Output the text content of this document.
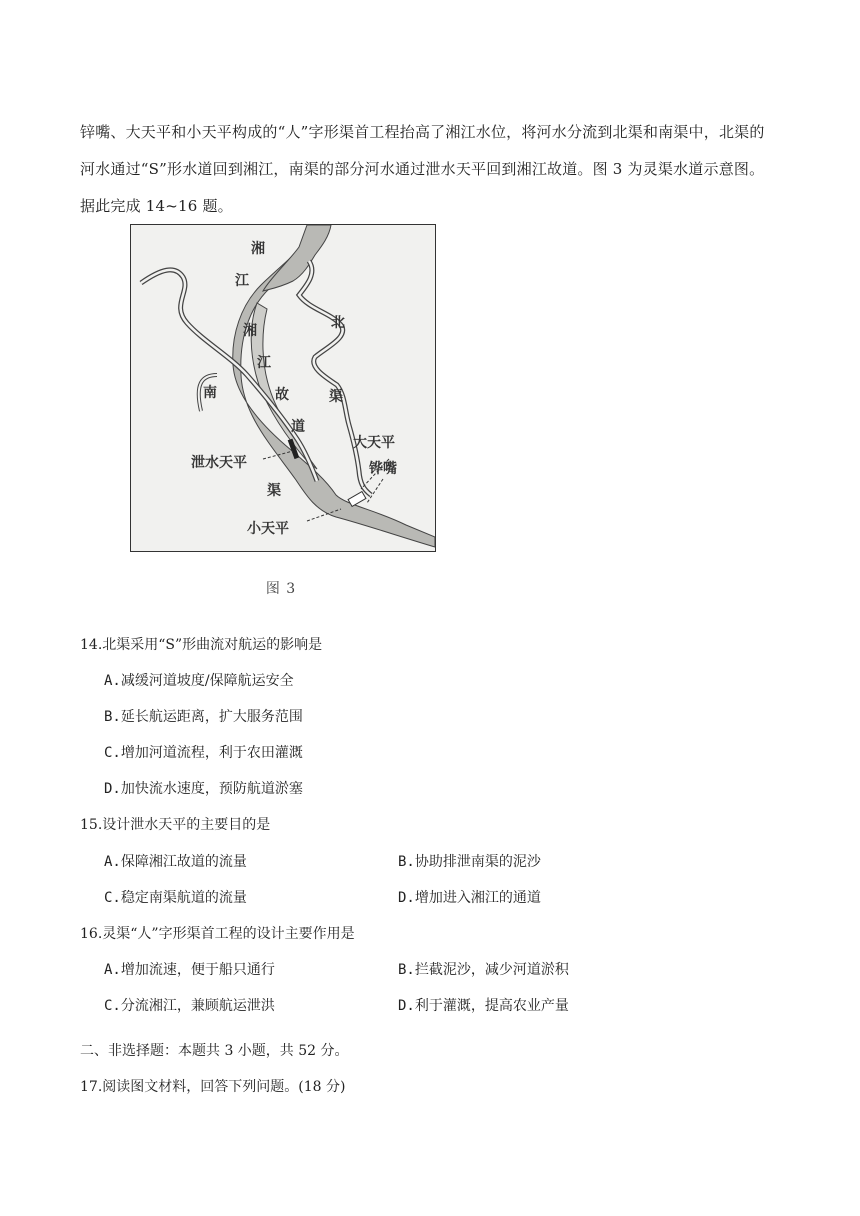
锌嘴、大天平和小天平构成的“人”字形渠首工程抬高了湘江水位，将河水分流到北渠和南渠中，北渠的

河水通过“S”形水道回到湘江，南渠的部分河水通过泄水天平回到湘江故道。图 3 为灵渠水道示意图。

据此完成 14~16 题。

湘
江
湘
江
故
道
北
渠
南
渠
泄水天平
大天平
铧嘴
小天平
图 3
14.北渠采用“S”形曲流对航运的影响是
A.减缓河道坡度/保障航运安全
B.延长航运距离，扩大服务范围
C.增加河道流程，利于农田灌溉
D.加快流水速度，预防航道淤塞
15.设计泄水天平的主要目的是
A.保障湘江故道的流量	B.协助排泄南渠的泥沙
C.稳定南渠航道的流量	D.增加进入湘江的通道
16.灵渠“人”字形渠首工程的设计主要作用是
A.增加流速，便于船只通行	B.拦截泥沙，减少河道淤积
C.分流湘江，兼顾航运泄洪	D.利于灌溉，提高农业产量
二、非选择题：本题共 3 小题，共 52 分。
17.阅读图文材料，回答下列问题。(18 分)
